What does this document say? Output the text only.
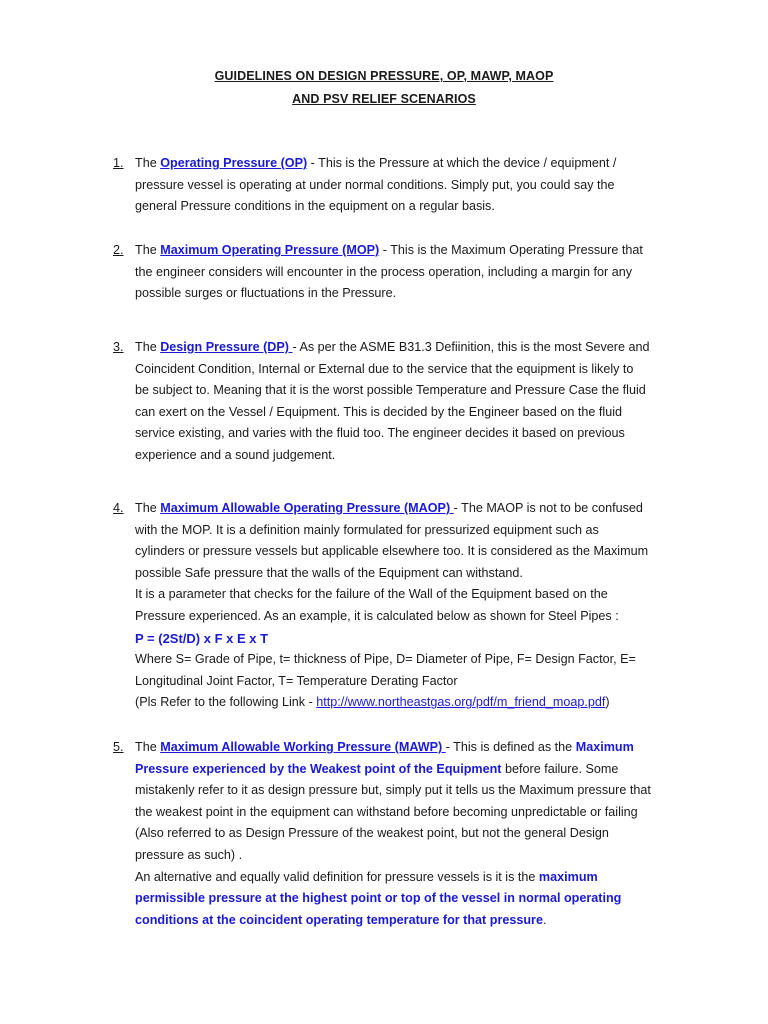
GUIDELINES ON DESIGN PRESSURE, OP, MAWP, MAOP
AND PSV RELIEF SCENARIOS
1. The Operating Pressure (OP) - This is the Pressure at which the device / equipment /
pressure vessel is operating at under normal conditions. Simply put, you could say the
general Pressure conditions in the equipment on a regular basis.
2. The Maximum Operating Pressure (MOP) - This is the Maximum Operating Pressure that
the engineer considers will encounter in the process operation, including a margin for any
possible surges or fluctuations in the Pressure.
3. The Design Pressure (DP) - As per the ASME B31.3 Defiinition, this is the most Severe and
Coincident Condition, Internal or External due to the service that the equipment is likely to
be subject to. Meaning that it is the worst possible Temperature and Pressure Case the fluid
can exert on the Vessel / Equipment. This is decided by the Engineer based on the fluid
service existing, and varies with the fluid too. The engineer decides it based on previous
experience and a sound judgement.
4. The Maximum Allowable Operating Pressure (MAOP) - The MAOP is not to be confused
with the MOP. It is a definition mainly formulated for pressurized equipment such as
cylinders or pressure vessels but applicable elsewhere too. It is considered as the Maximum
possible Safe pressure that the walls of the Equipment can withstand.
It is a parameter that checks for the failure of the Wall of the Equipment based on the
Pressure experienced. As an example, it is calculated below as shown for Steel Pipes :
P = (2St/D) x F x E x T
Where S= Grade of Pipe, t= thickness of Pipe, D= Diameter of Pipe, F= Design Factor, E=
Longitudinal Joint Factor, T= Temperature Derating Factor
(Pls Refer to the following Link - http://www.northeastgas.org/pdf/m_friend_moap.pdf)
5. The Maximum Allowable Working Pressure (MAWP) - This is defined as the Maximum
Pressure experienced by the Weakest point of the Equipment before failure. Some
mistakenly refer to it as design pressure but, simply put it tells us the Maximum pressure that
the weakest point in the equipment can withstand before becoming unpredictable or failing
(Also referred to as Design Pressure of the weakest point, but not the general Design
pressure as such) .
An alternative and equally valid definition for pressure vessels is it is the maximum
permissible pressure at the highest point or top of the vessel in normal operating
conditions at the coincident operating temperature for that pressure.
